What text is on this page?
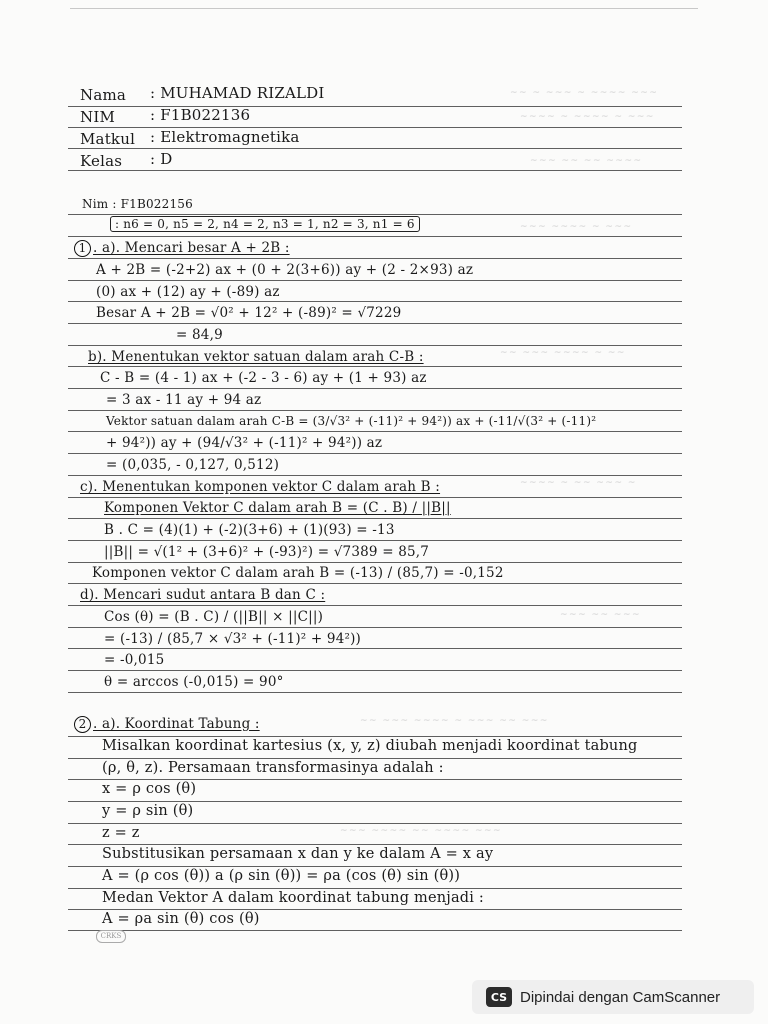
~~ ~ ~~~ ~ ~~~~ ~~~
~~~~ ~ ~~~~ ~ ~~~
~~~ ~~ ~~ ~~~~
~~~ ~~~~ ~ ~~~
~~ ~~~ ~~~~ ~ ~~
~~~~ ~ ~~ ~~~ ~
~~~ ~~ ~~~
~~ ~~~ ~~~~ ~ ~~~ ~~ ~~~
~~~ ~~~~ ~~ ~~~~ ~~~
Nama : MUHAMAD RIZALDI
NIM : F1B022136
Matkul : Elektromagnetika
Kelas : D
Nim : F1B022156
: n6 = 0, n5 = 2, n4 = 2, n3 = 1, n2 = 3, n1 = 6
1 . a). Mencari besar A + 2B :
A + 2B = (-2+2) ax + (0 + 2(3+6)) ay + (2 - 2×93) az
(0) ax + (12) ay + (-89) az
Besar A + 2B = √0² + 12² + (-89)² = √7229
= 84,9
b). Menentukan vektor satuan dalam arah C-B :
C - B = (4 - 1) ax + (-2 - 3 - 6) ay + (1 + 93) az
= 3 ax - 11 ay + 94 az
Vektor satuan dalam arah C-B = (3/√3² + (-11)² + 94²)) ax + (-11/√(3² + (-11)²
+ 94²)) ay + (94/√3² + (-11)² + 94²)) az
= (0,035, - 0,127, 0,512)
c). Menentukan komponen vektor C dalam arah B :
Komponen Vektor C dalam arah B = (C . B) / ||B||
B . C = (4)(1) + (-2)(3+6) + (1)(93) = -13
||B|| = √(1² + (3+6)² + (-93)²) = √7389 = 85,7
Komponen vektor C dalam arah B = (-13) / (85,7) = -0,152
d). Mencari sudut antara B dan C :
Cos (θ) = (B . C) / (||B|| × ||C||)
= (-13) / (85,7 × √3² + (-11)² + 94²))
= -0,015
θ = arccos (-0,015) = 90°
2 . a). Koordinat Tabung :
Misalkan koordinat kartesius (x, y, z) diubah menjadi koordinat tabung
(ρ, θ, z). Persamaan transformasinya adalah :
x = ρ cos (θ)
y = ρ sin (θ)
z = z
Substitusikan persamaan x dan y ke dalam A = x ay
A = (ρ cos (θ)) a (ρ sin (θ)) = ρa (cos (θ) sin (θ))
Medan Vektor A dalam koordinat tabung menjadi :
A = ρa sin (θ) cos (θ)
CRKS
CS Dipindai dengan CamScanner
